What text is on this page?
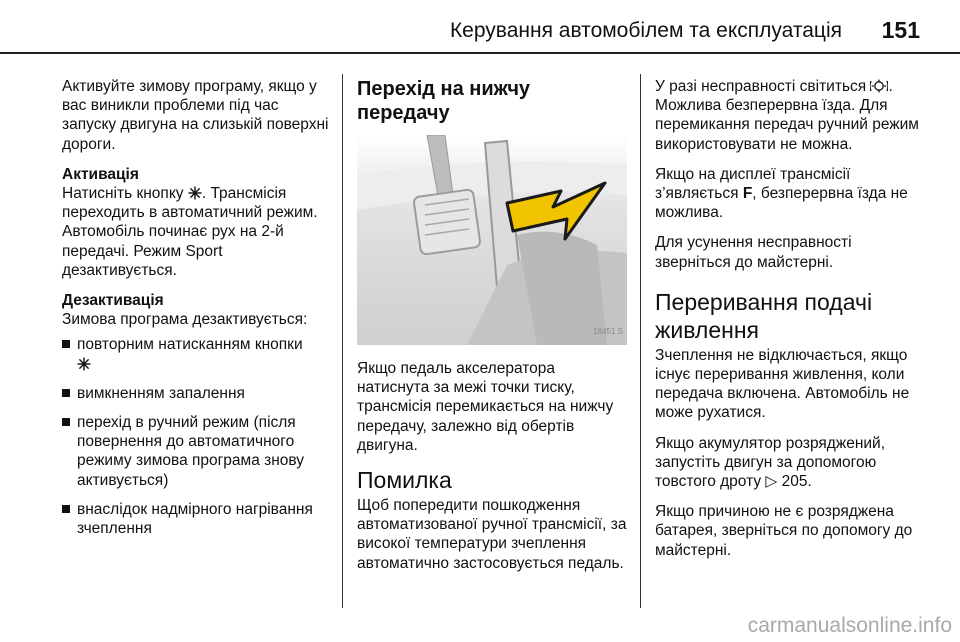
Керування автомобілем та експлуатація 151

Активуйте зимову програму, якщо у вас виникли проблеми під час запуску двигуна на слизькій поверхні дороги.

Активація

Натисніть кнопку . Трансмісія переходить в автоматичний режим. Автомобіль починає рух на 2-й передачі. Режим Sport дезактивується.

Дезактивація
Зимова програма дезактивується:
повторним натисканням кнопки

вимкненням запалення
перехід в ручний режим (після повернення до автоматичного режиму зимова програма знову активується)
внаслідок надмірного нагрівання зчеплення
Перехід на нижчу передачу
18451 S

Якщо педаль акселератора натиснута за межі точки тиску, трансмісія перемикається на нижчу передачу, залежно від обертів двигуна.

Помилка

Щоб попередити пошкодження автоматизованої ручної трансмісії, за високої температури зчеплення автоматично застосовується педаль.

У разі несправності світиться . Можлива безперервна їзда. Для перемикання передач ручний режим використовувати не можна.

Якщо на дисплеї трансмісії з’являється F, безперервна їзда не можлива.

Для усунення несправності зверніться до майстерні.

Переривання подачі живлення

Зчеплення не відключається, якщо існує переривання живлення, коли передача включена. Автомобіль не може рухатися.

Якщо акумулятор розряджений, запустіть двигун за допомогою товстого дроту ▷ 205.

Якщо причиною не є розряджена батарея, зверніться по допомогу до майстерні.

carmanualsonline.info
